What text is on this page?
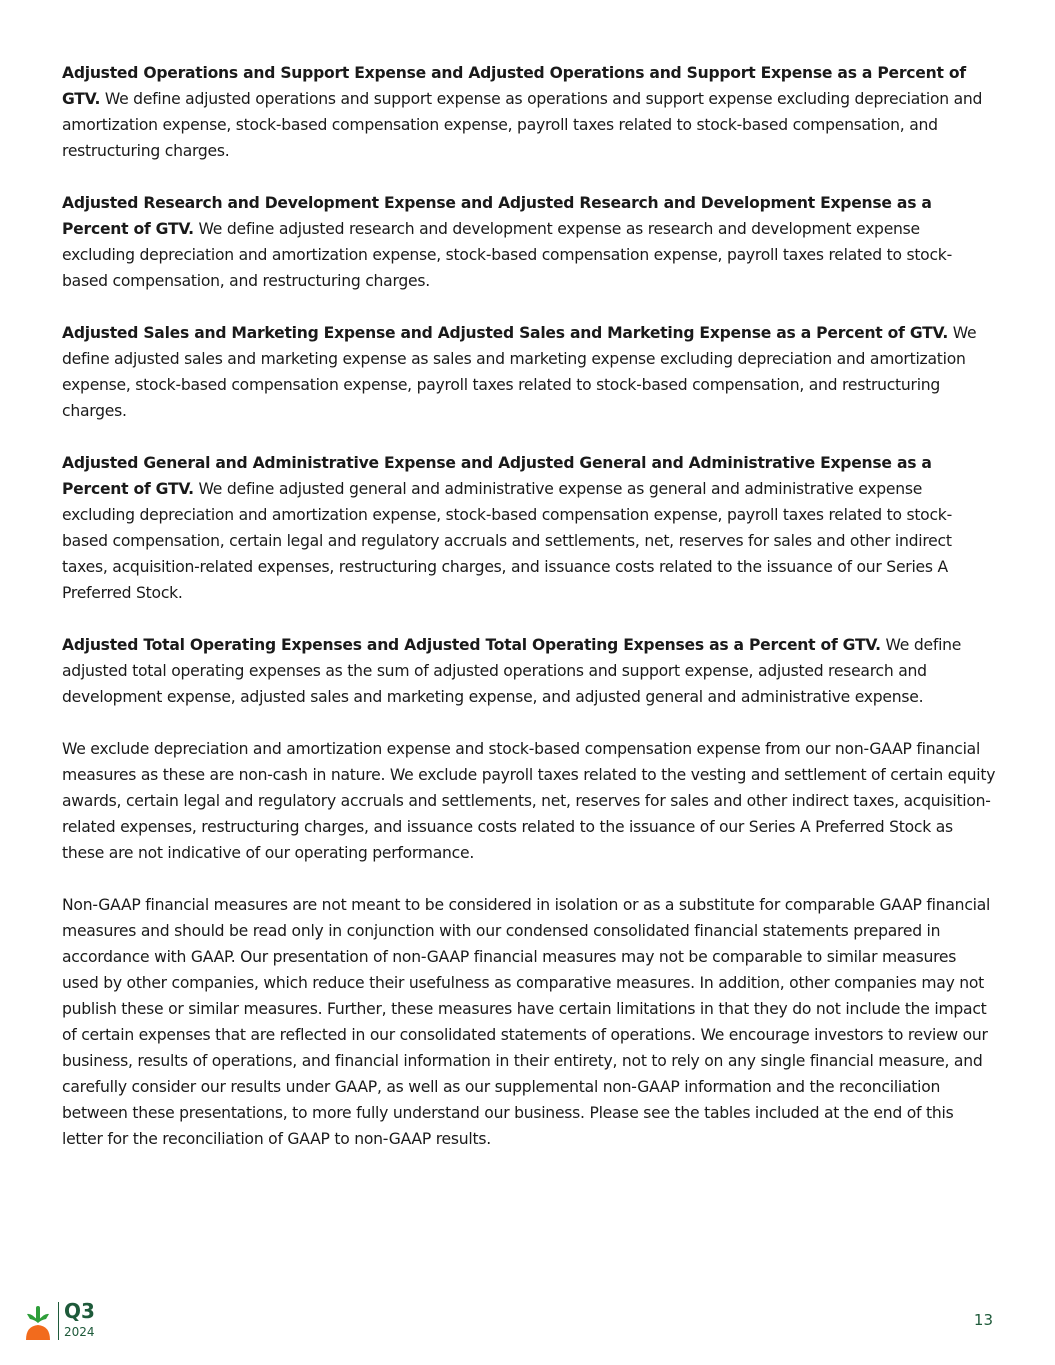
Adjusted Operations and Support Expense and Adjusted Operations and Support Expense as a Percent of GTV. We define adjusted operations and support expense as operations and support expense excluding depreciation and amortization expense, stock-based compensation expense, payroll taxes related to stock-based compensation, and restructuring charges.

Adjusted Research and Development Expense and Adjusted Research and Development Expense as a Percent of GTV. We define adjusted research and development expense as research and development expense excluding depreciation and amortization expense, stock-based compensation expense, payroll taxes related to stock-based compensation, and restructuring charges.

Adjusted Sales and Marketing Expense and Adjusted Sales and Marketing Expense as a Percent of GTV. We define adjusted sales and marketing expense as sales and marketing expense excluding depreciation and amortization expense, stock-based compensation expense, payroll taxes related to stock-based compensation, and restructuring charges.

Adjusted General and Administrative Expense and Adjusted General and Administrative Expense as a Percent of GTV. We define adjusted general and administrative expense as general and administrative expense excluding depreciation and amortization expense, stock-based compensation expense, payroll taxes related to stock-based compensation, certain legal and regulatory accruals and settlements, net, reserves for sales and other indirect taxes, acquisition-related expenses, restructuring charges, and issuance costs related to the issuance of our Series A Preferred Stock.

Adjusted Total Operating Expenses and Adjusted Total Operating Expenses as a Percent of GTV. We define adjusted total operating expenses as the sum of adjusted operations and support expense, adjusted research and development expense, adjusted sales and marketing expense, and adjusted general and administrative expense.

We exclude depreciation and amortization expense and stock-based compensation expense from our non-GAAP financial measures as these are non-cash in nature. We exclude payroll taxes related to the vesting and settlement of certain equity awards, certain legal and regulatory accruals and settlements, net, reserves for sales and other indirect taxes, acquisition-related expenses, restructuring charges, and issuance costs related to the issuance of our Series A Preferred Stock as these are not indicative of our operating performance.

Non-GAAP financial measures are not meant to be considered in isolation or as a substitute for comparable GAAP financial measures and should be read only in conjunction with our condensed consolidated financial statements prepared in accordance with GAAP. Our presentation of non-GAAP financial measures may not be comparable to similar measures used by other companies, which reduce their usefulness as comparative measures. In addition, other companies may not publish these or similar measures. Further, these measures have certain limitations in that they do not include the impact of certain expenses that are reflected in our consolidated statements of operations. We encourage investors to review our business, results of operations, and financial information in their entirety, not to rely on any single financial measure, and carefully consider our results under GAAP, as well as our supplemental non-GAAP information and the reconciliation between these presentations, to more fully understand our business. Please see the tables included at the end of this letter for the reconciliation of GAAP to non-GAAP results.

Q3
2024
13
